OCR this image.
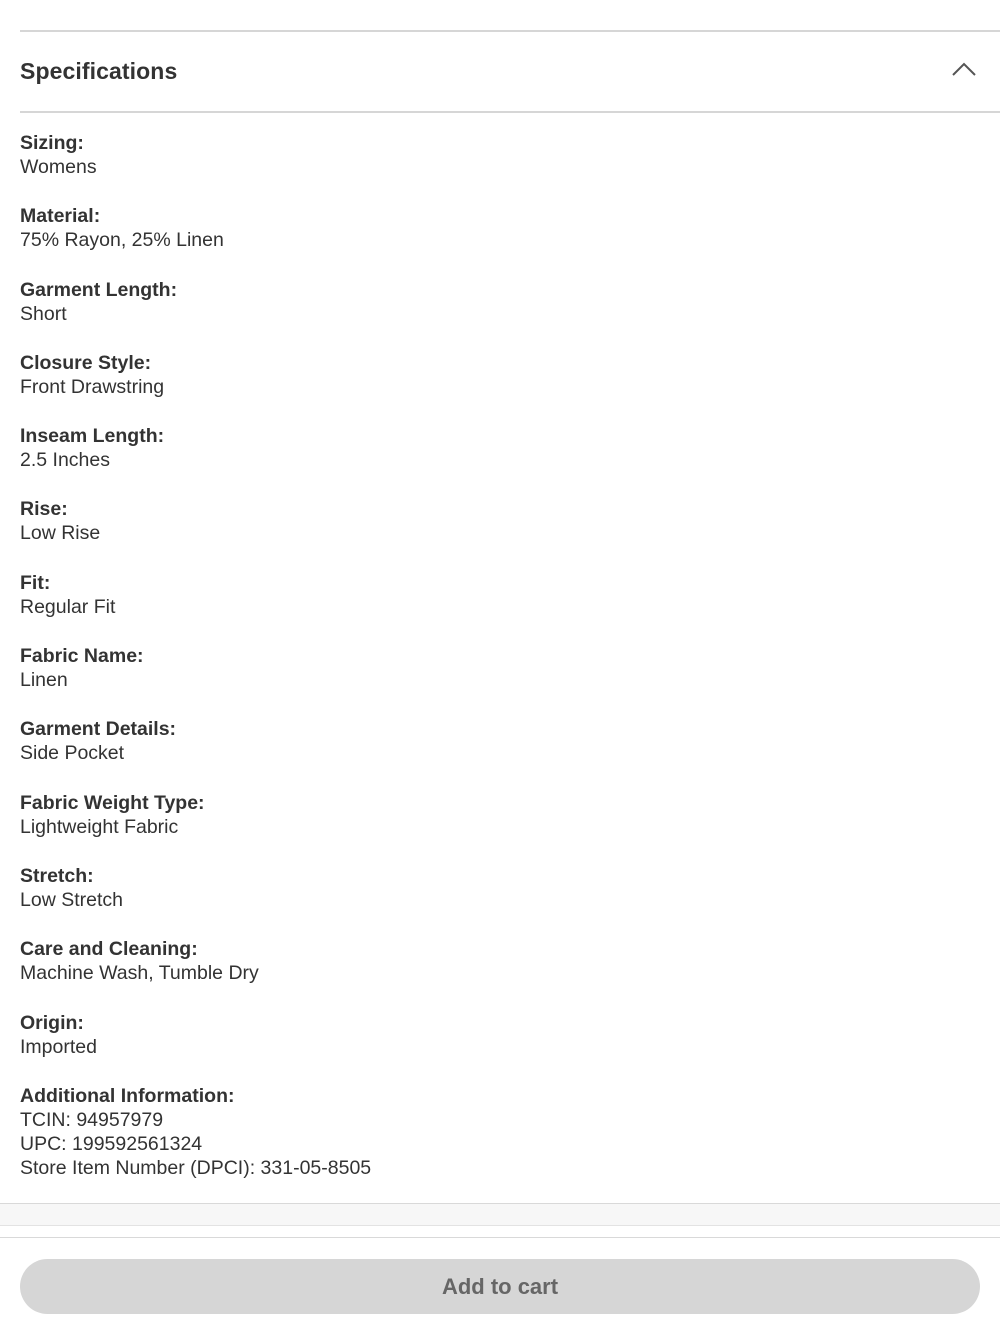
Specifications
Sizing:
Womens
Material:
75% Rayon, 25% Linen
Garment Length:
Short
Closure Style:
Front Drawstring
Inseam Length:
2.5 Inches
Rise:
Low Rise
Fit:
Regular Fit
Fabric Name:
Linen
Garment Details:
Side Pocket
Fabric Weight Type:
Lightweight Fabric
Stretch:
Low Stretch
Care and Cleaning:
Machine Wash, Tumble Dry
Origin:
Imported
Additional Information:
TCIN: 94957979
UPC: 199592561324
Store Item Number (DPCI): 331-05-8505
Add to cart
